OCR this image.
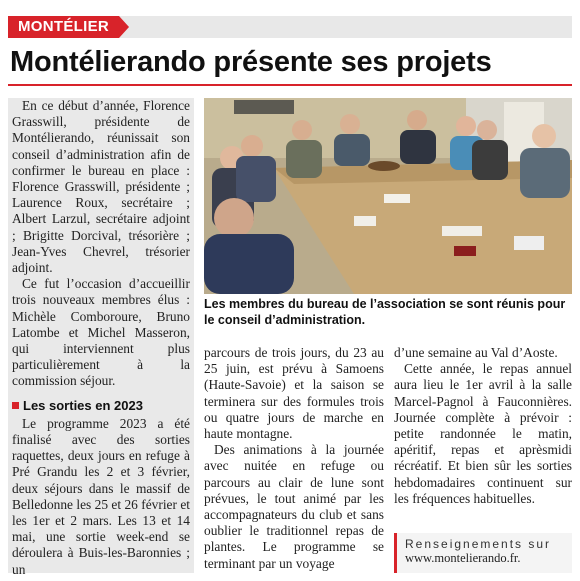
MONTÉLIER
Montélierando présente ses projets

En ce début d’année, Florence Grasswill, présidente de Montélierando, réunissait son conseil d’administration afin de confirmer le bureau en place : Florence Grasswill, présidente ; Laurence Roux, secrétaire ; Albert Larzul, secrétaire adjoint ; Brigitte Dorcival, trésorière ; Jean-Yves Chevrel, trésorier adjoint.

Ce fut l’occasion d’accueillir trois nouveaux membres élus : Michèle Comboroure, Bruno Latombe et Michel Masseron, qui interviennent plus particulièrement à la commission séjour.

Les sorties en 2023

Le programme 2023 a été finalisé avec des sorties raquettes, deux jours en refuge à Pré Grandu les 2 et 3 février, deux séjours dans le massif de Belledonne les 25 et 26 février et les 1er et 2 mars. Les 13 et 14 mai, une sortie week-end se déroulera à Buis-les-Baronnies ; un

Les membres du bureau de l’association se sont réunis pour le conseil d’administration.

parcours de trois jours, du 23 au 25 juin, est prévu à Samoens (Haute-Savoie) et la saison se terminera sur des formules trois ou quatre jours de marche en haute montagne.

Des animations à la journée avec nuitée en refuge ou parcours au clair de lune sont prévues, le tout animé par les accompagnateurs du club et sans oublier le traditionnel repas de plantes. Le programme se terminant par un voyage

d’une semaine au Val d’Aoste.

Cette année, le repas annuel aura lieu le 1er avril à la salle Marcel-Pagnol à Fauconnières. Journée complète à prévoir : petite randonnée le matin, apéritif, repas et aprèsmidi récréatif. Et bien sûr les sorties hebdomadaires continuent sur les fréquences habituelles.

Renseignements sur
www.montelierando.fr.
